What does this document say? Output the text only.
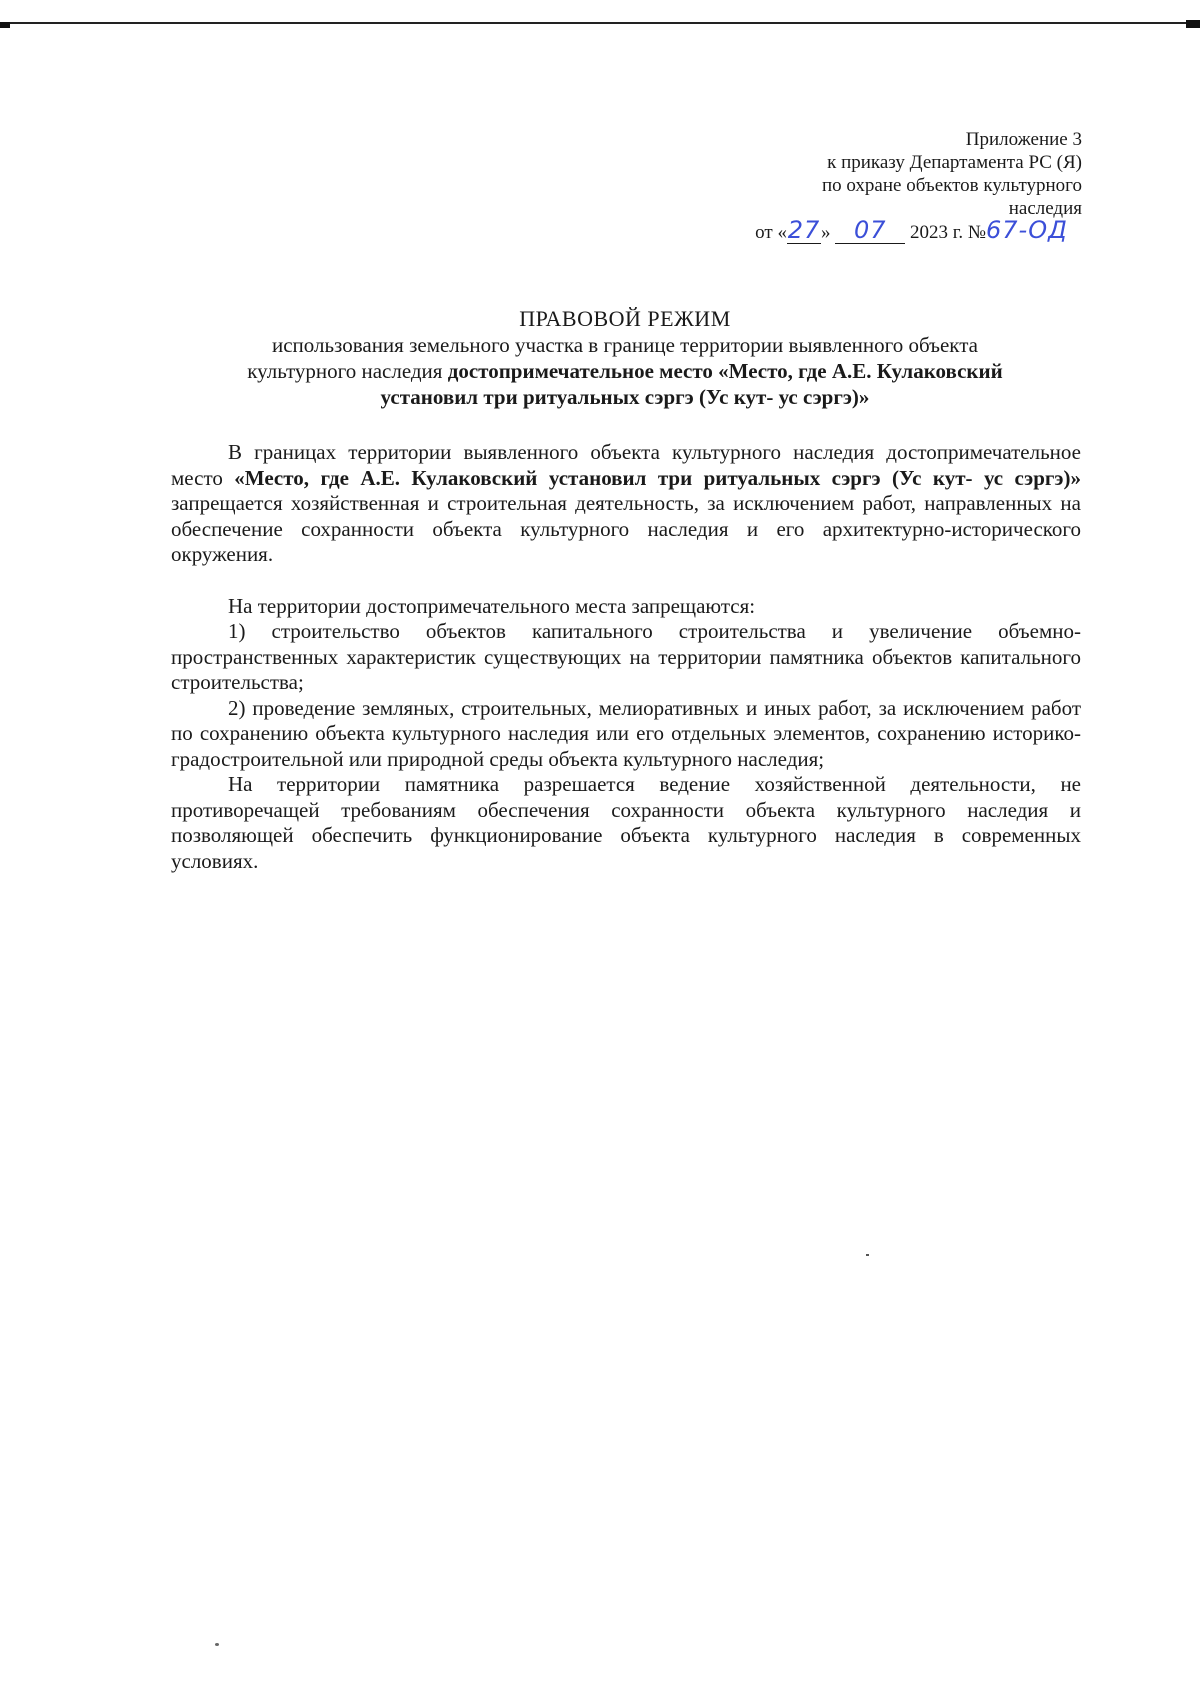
Приложение 3
к приказу Департамента РС (Я)
по охране объектов культурного
наследия
от «27» 07 2023 г. №67-ОД
ПРАВОВОЙ РЕЖИМ
использования земельного участка в границе территории выявленного объекта
культурного наследия достопримечательное место «Место, где А.Е. Кулаковский
установил три ритуальных сэргэ (Ус кут- ус сэргэ)»

В границах территории выявленного объекта культурного наследия достопримечательное место «Место, где А.Е. Кулаковский установил три ритуальных сэргэ (Ус кут- ус сэргэ)» запрещается хозяйственная и строительная деятельность, за исключением работ, направленных на обеспечение сохранности объекта культурного наследия и его архитектурно-исторического окружения.

На территории достопримечательного места запрещаются:

1) строительство объектов капитального строительства и увеличение объемно-пространственных характеристик существующих на территории памятника объектов капитального строительства;

2) проведение земляных, строительных, мелиоративных и иных работ, за исключением работ по сохранению объекта культурного наследия или его отдельных элементов, сохранению историко-градостроительной или природной среды объекта культурного наследия;

На территории памятника разрешается ведение хозяйственной деятельности, не противоречащей требованиям обеспечения сохранности объекта культурного наследия и позволяющей обеспечить функционирование объекта культурного наследия в современных условиях.
